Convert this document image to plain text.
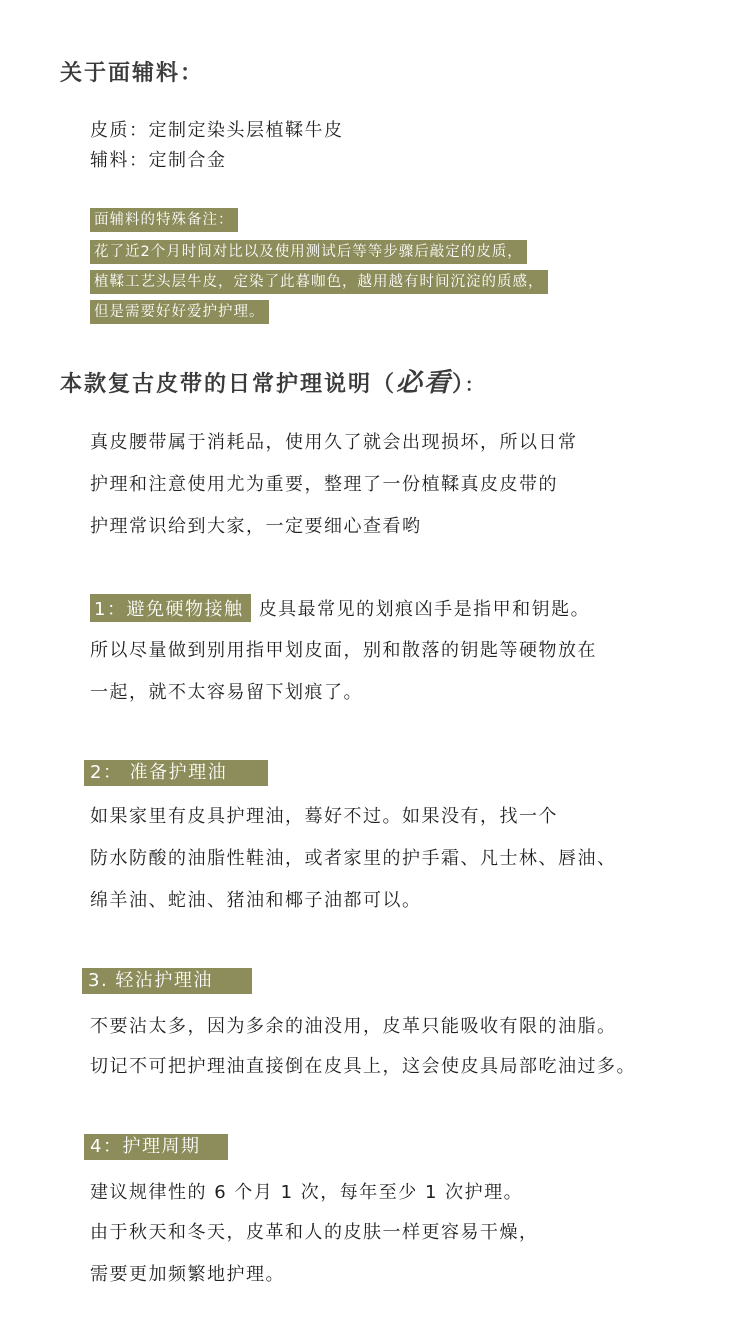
关于面辅料：

皮质：定制定染头层植鞣牛皮

辅料：定制合金

面辅料的特殊备注：
花了近2个月时间对比以及使用测试后等等步骤后敲定的皮质，
植鞣工艺头层牛皮，定染了此暮咖色，越用越有时间沉淀的质感，
但是需要好好爱护护理。
本款复古皮带的日常护理说明（必看）：

真皮腰带属于消耗品，使用久了就会出现损坏，所以日常

护理和注意使用尤为重要，整理了一份植鞣真皮皮带的

护理常识给到大家，一定要细心查看哟

1：避免硬物接触 皮具最常见的划痕凶手是指甲和钥匙。

所以尽量做到别用指甲划皮面，别和散落的钥匙等硬物放在

一起，就不太容易留下划痕了。

2： 准备护理油

如果家里有皮具护理油，蓦好不过。如果没有，找一个

防水防酸的油脂性鞋油，或者家里的护手霜、凡士林、唇油、

绵羊油、蛇油、猪油和椰子油都可以。

3. 轻沾护理油

不要沾太多，因为多余的油没用，皮革只能吸收有限的油脂。

切记不可把护理油直接倒在皮具上，这会使皮具局部吃油过多。

4：护理周期

建议规律性的 6 个月 1 次，每年至少 1 次护理。

由于秋天和冬天，皮革和人的皮肤一样更容易干燥，

需要更加频繁地护理。
